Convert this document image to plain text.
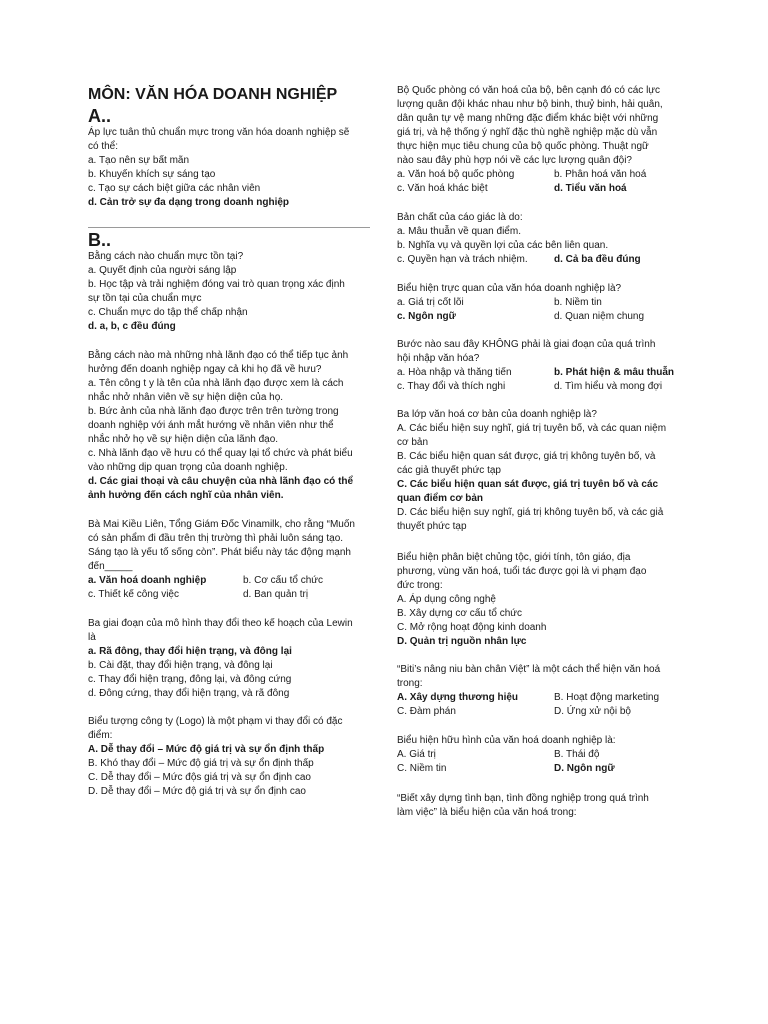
MÔN: VĂN HÓA DOANH NGHIỆP
A..

Áp lực tuân thủ chuẩn mực trong văn hóa doanh nghiệp sẽ

có thể:

a. Tạo nên sự bất mãn

b. Khuyến khích sự sáng tạo

c. Tạo sự cách biệt giữa các nhân viên

d. Cản trở sự đa dạng trong doanh nghiệp

B..

Bằng cách nào chuẩn mực tồn tại?

a. Quyết định của người sáng lập

b. Học tập và trải nghiệm đóng vai trò quan trọng xác định

sự tồn tại của chuẩn mực

c. Chuẩn mực do tập thể chấp nhận

d. a, b, c đều đúng

Bằng cách nào mà những nhà lãnh đạo có thể tiếp tục ảnh

hưởng đến doanh nghiệp ngay cả khi họ đã về hưu?

a. Tên công t y là tên của nhà lãnh đạo được xem là cách

nhắc nhở nhân viên về sự hiện diện của họ.

b. Bức ảnh của nhà lãnh đạo được trên trên tường trong

doanh nghiệp với ánh mắt hướng về nhân viên như thể

nhắc nhở họ về sự hiện diện của lãnh đạo.

c. Nhà lãnh đạo về hưu có thể quay lại tổ chức và phát biểu

vào những dịp quan trọng của doanh nghiệp.

d. Các giai thoại và câu chuyện của nhà lãnh đạo có thể

ảnh hưởng đến cách nghĩ của nhân viên.

Bà Mai Kiều Liên, Tổng Giám Đốc Vinamilk, cho rằng “Muốn

có sản phẩm đi đầu trên thị trường thì phải luôn sáng tạo.

Sáng tạo là yếu tố sống còn”. Phát biểu này tác động mạnh

đến_____

a. Văn hoá doanh nghiệp	b. Cơ cấu tổ chức

c. Thiết kế công việc	d. Ban quản trị

Ba giai đoạn của mô hình thay đổi theo kế hoạch của Lewin

là

a. Rã đông, thay đổi hiện trạng, và đông lại

b. Cài đặt, thay đổi hiện trạng, và đông lại

c. Thay đổi hiện trạng, đông lại, và đông cứng

d. Đông cứng, thay đổi hiện trạng, và rã đông

Biểu tượng công ty (Logo) là một phạm vi thay đổi có đặc

điểm:

A. Dễ thay đổi – Mức độ giá trị và sự ổn định thấp

B. Khó thay đổi – Mức độ giá trị và sự ổn định thấp

C. Dễ thay đổi – Mức độs giá trị và sự ổn định cao

D. Dễ thay đổi – Mức độ giá trị và sự ổn định cao

Bộ Quốc phòng có văn hoá của bộ, bên cạnh đó có các lực

lượng quân đội khác nhau như bộ binh, thuỷ binh, hải quân,

dân quân tự vệ mang những đặc điểm khác biệt với những

giá trị, và hệ thống ý nghĩ đặc thù nghề nghiệp mặc dù vẫn

thực hiện mục tiêu chung của bộ quốc phòng. Thuật ngữ

nào sau đây phù hợp nói về các lực lượng quân đội?

a. Văn hoá bộ quốc phòng	b. Phân hoá văn hoá

c. Văn hoá khác biệt	d. Tiểu văn hoá

Bản chất của cáo giác là do:

a. Mâu thuẫn về quan điểm.

b. Nghĩa vụ và quyền lợi của các bên liên quan.

c. Quyền hạn và trách nhiệm.	d. Cả ba đều đúng

Biểu hiện trực quan của văn hóa doanh nghiệp là?

a. Giá trị cốt lõi	b. Niềm tin

c. Ngôn ngữ	d. Quan niệm chung

Bước nào sau đây KHÔNG phải là giai đoạn của quá trình

hội nhập văn hóa?

a. Hòa nhập và thăng tiến	b. Phát hiện & mâu thuẫn

c. Thay đổi và thích nghi	d. Tìm hiểu và mong đợi

Ba lớp văn hoá cơ bản của doanh nghiệp là?

A. Các biểu hiện suy nghĩ, giá trị tuyên bố, và các quan niệm

cơ bản

B. Các biểu hiện quan sát được, giá trị không tuyên bố, và

các giả thuyết phức tạp

C. Các biểu hiện quan sát được, giá trị tuyên bố và các

quan điểm cơ bản

D. Các biểu hiện suy nghĩ, giá trị không tuyên bố, và các giả

thuyết phức tạp

Biểu hiện phân biệt chủng tộc, giới tính, tôn giáo, địa

phương, vùng văn hoá, tuổi tác được gọi là vi phạm đạo

đức trong:

A. Áp dụng công nghệ

B. Xây dựng cơ cấu tổ chức

C. Mở rộng hoạt động kinh doanh

D. Quản trị nguồn nhân lực

“Biti’s nâng niu bàn chân Việt” là một cách thể hiện văn hoá

trong:

A. Xây dựng thương hiệu	B. Hoạt động marketing

C. Đàm phán	D. Ứng xử nội bộ

Biểu hiện hữu hình của văn hoá doanh nghiệp là:

A. Giá trị	B. Thái độ

C. Niềm tin	D. Ngôn ngữ

“Biết xây dựng tình bạn, tình đồng nghiệp trong quá trình

làm việc” là biểu hiện của văn hoá trong:
